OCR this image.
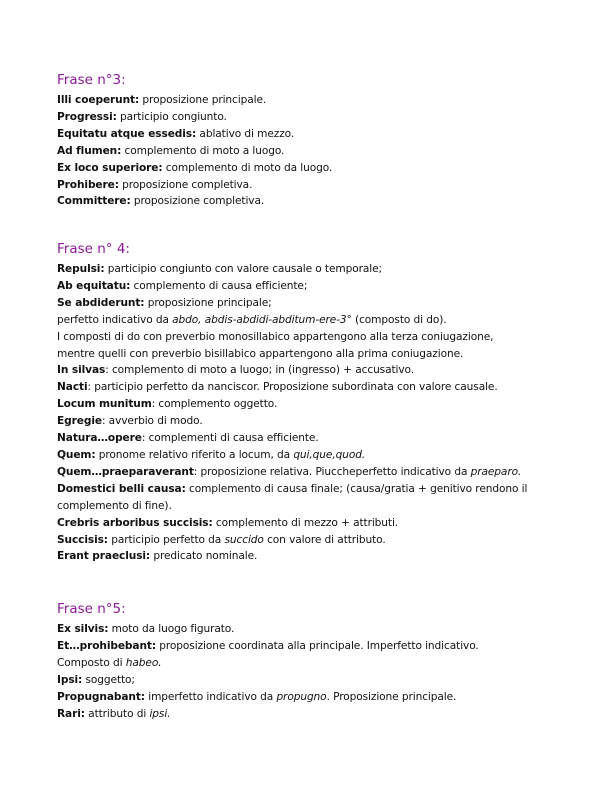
Frase n°3:
Illi coeperunt: proposizione principale.
Progressi: participio congiunto.
Equitatu atque essedis: ablativo di mezzo.
Ad flumen: complemento di moto a luogo.
Ex loco superiore: complemento di moto da luogo.
Prohibere: proposizione completiva.
Committere: proposizione completiva.
Frase n° 4:
Repulsi: participio congiunto con valore causale o temporale;
Ab equitatu: complemento di causa efficiente;
Se abdiderunt: proposizione principale;
perfetto indicativo da abdo, abdis-abdidi-abditum-ere-3° (composto di do).
I composti di do con preverbio monosillabico appartengono alla terza coniugazione,
mentre quelli con preverbio bisillabico appartengono alla prima coniugazione.
In silvas: complemento di moto a luogo; in (ingresso) + accusativo.
Nacti: participio perfetto da nanciscor. Proposizione subordinata con valore causale.
Locum munitum: complemento oggetto.
Egregie: avverbio di modo.
Natura…opere: complementi di causa efficiente.
Quem: pronome relativo riferito a locum, da qui,que,quod.
Quem…praeparaverant: proposizione relativa. Piuccheperfetto indicativo da praeparo.
Domestici belli causa: complemento di causa finale; (causa/gratia + genitivo rendono il
complemento di fine).
Crebris arboribus succisis: complemento di mezzo + attributi.
Succisis: participio perfetto da succido con valore di attributo.
Erant praeclusi: predicato nominale.
Frase n°5:
Ex silvis: moto da luogo figurato.
Et…prohibebant: proposizione coordinata alla principale. Imperfetto indicativo.
Composto di habeo.
Ipsi: soggetto;
Propugnabant: imperfetto indicativo da propugno. Proposizione principale.
Rari: attributo di ipsi.
